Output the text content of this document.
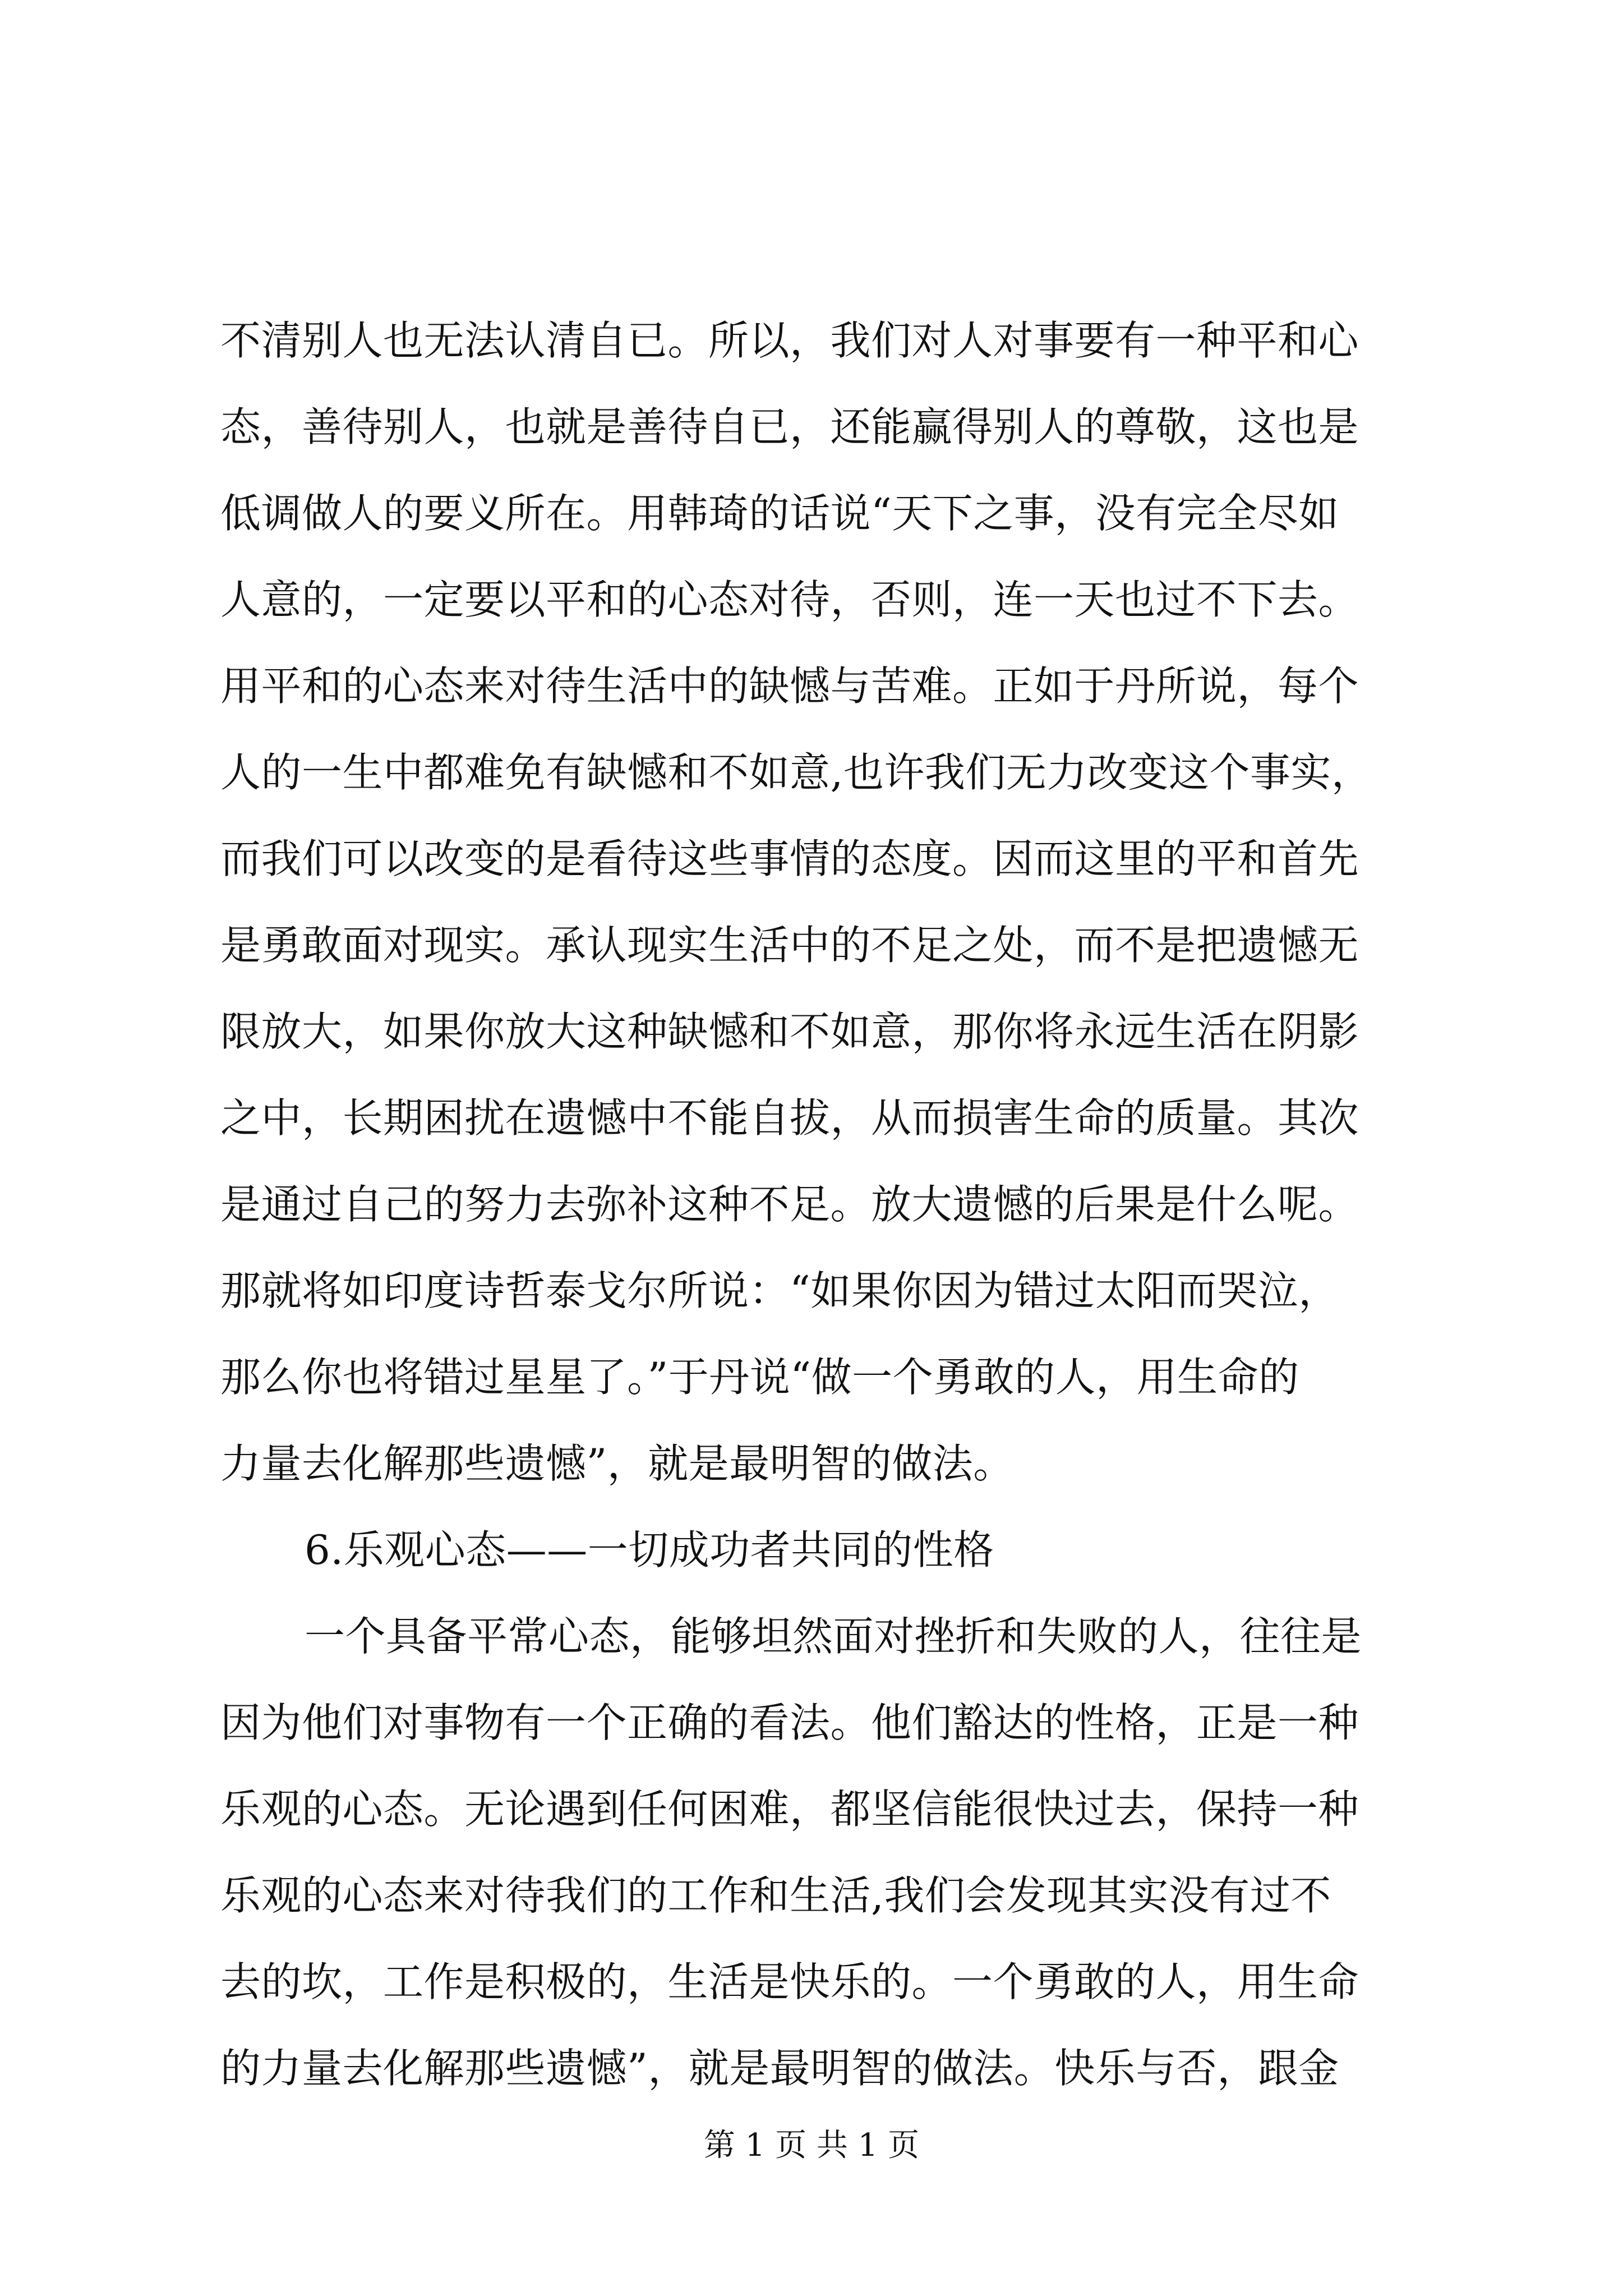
不清别人也无法认清自已。所以，我们对人对事要有一种平和心
态，善待别人，也就是善待自已，还能赢得别人的尊敬，这也是
低调做人的要义所在。用韩琦的话说“天下之事，没有完全尽如
人意的，一定要以平和的心态对待，否则，连一天也过不下去。
用平和的心态来对待生活中的缺憾与苦难。正如于丹所说，每个
人的一生中都难免有缺憾和不如意,也许我们无力改变这个事实，
而我们可以改变的是看待这些事情的态度。因而这里的平和首先
是勇敢面对现实。承认现实生活中的不足之处，而不是把遗憾无
限放大，如果你放大这种缺憾和不如意，那你将永远生活在阴影
之中，长期困扰在遗憾中不能自拔，从而损害生命的质量。其次
是通过自己的努力去弥补这种不足。放大遗憾的后果是什么呢。
那就将如印度诗哲泰戈尔所说：“如果你因为错过太阳而哭泣，
那么你也将错过星星了。”于丹说“做一个勇敢的人，用生命的
力量去化解那些遗憾”，就是最明智的做法。
6.乐观心态——一切成功者共同的性格
一个具备平常心态，能够坦然面对挫折和失败的人，往往是
因为他们对事物有一个正确的看法。他们豁达的性格，正是一种
乐观的心态。无论遇到任何困难，都坚信能很快过去，保持一种
乐观的心态来对待我们的工作和生活,我们会发现其实没有过不
去的坎，工作是积极的，生活是快乐的。一个勇敢的人，用生命
的力量去化解那些遗憾”，就是最明智的做法。快乐与否，跟金
第 1 页 共 1 页
